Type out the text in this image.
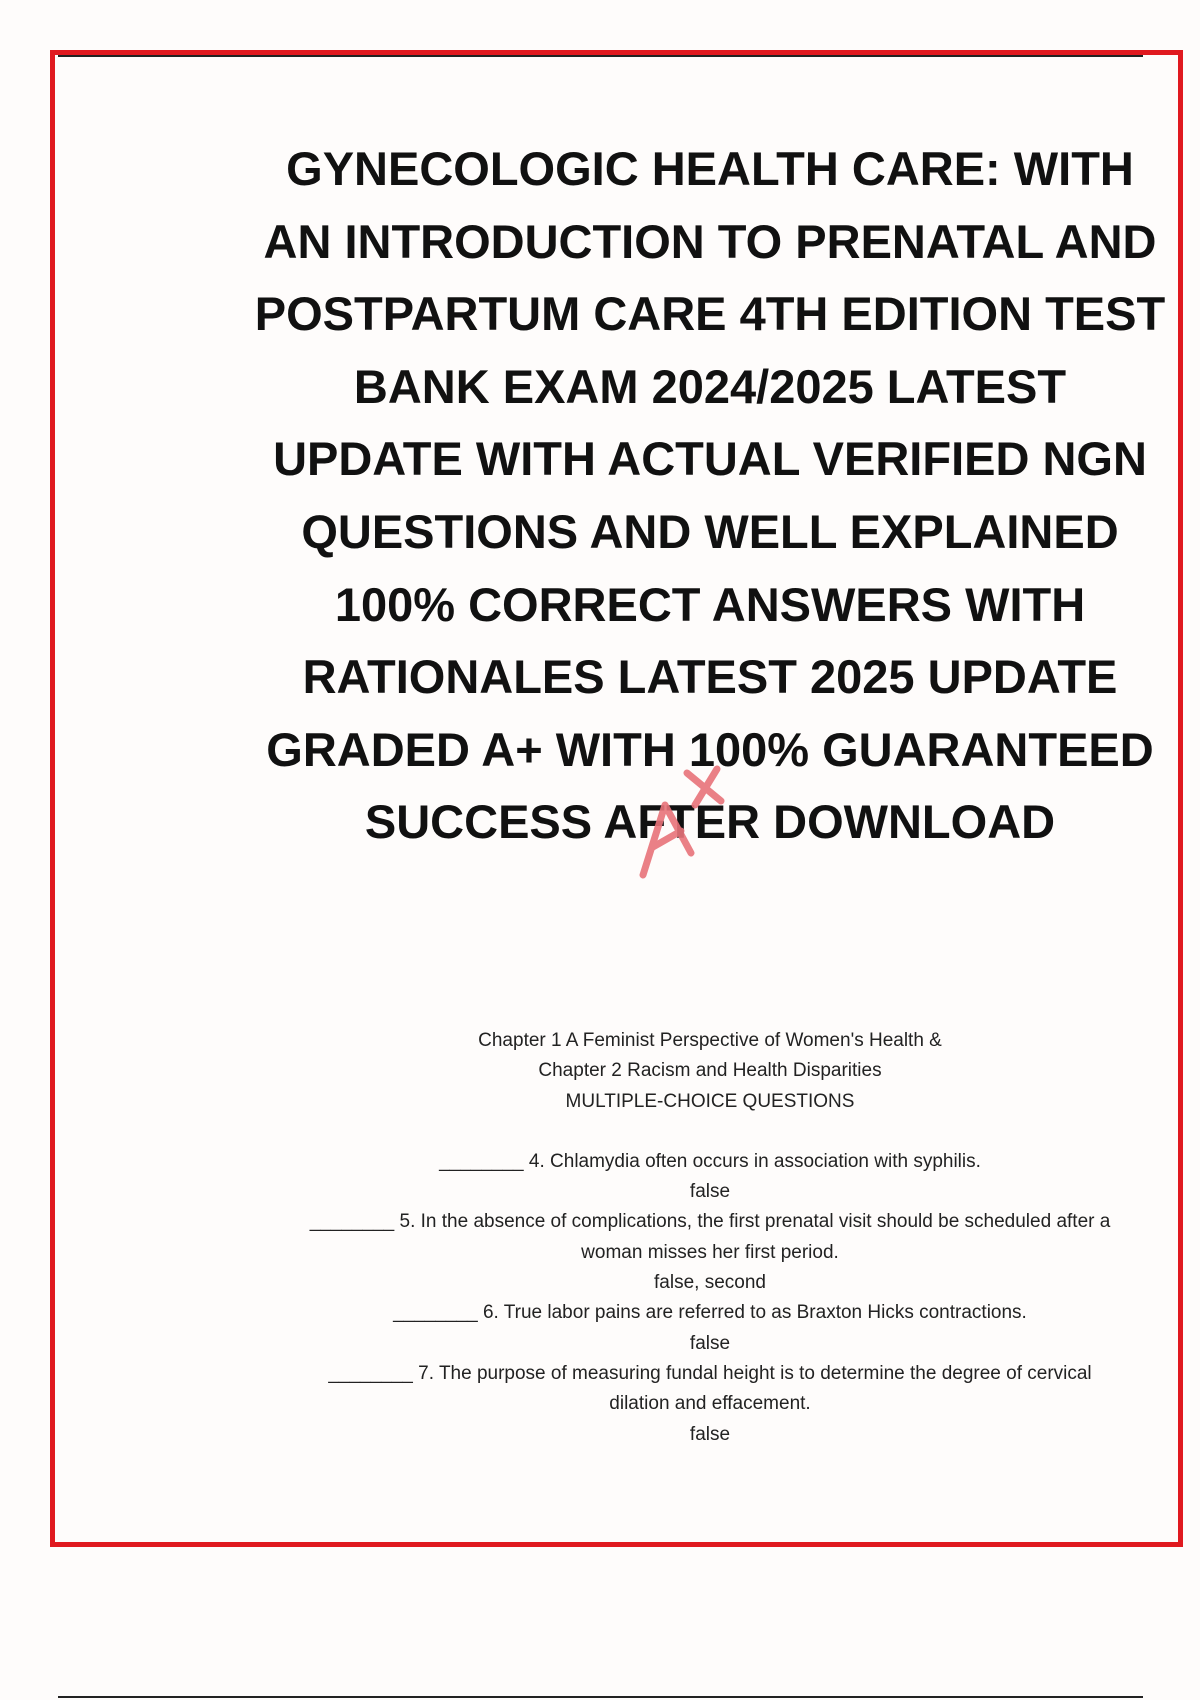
GYNECOLOGIC HEALTH CARE: WITH
AN INTRODUCTION TO PRENATAL AND
POSTPARTUM CARE 4TH EDITION TEST
BANK EXAM 2024/2025 LATEST
UPDATE WITH ACTUAL VERIFIED NGN
QUESTIONS AND WELL EXPLAINED
100% CORRECT ANSWERS WITH
RATIONALES LATEST 2025 UPDATE
GRADED A+ WITH 100% GUARANTEED
SUCCESS AFTER DOWNLOAD
Chapter 1 A Feminist Perspective of Women's Health &
Chapter 2 Racism and Health Disparities
MULTIPLE-CHOICE QUESTIONS
________ 4. Chlamydia often occurs in association with syphilis.
false
________ 5. In the absence of complications, the first prenatal visit should be scheduled after a
woman misses her first period.
false, second
________ 6. True labor pains are referred to as Braxton Hicks contractions.
false
________ 7. The purpose of measuring fundal height is to determine the degree of cervical
dilation and effacement.
false
